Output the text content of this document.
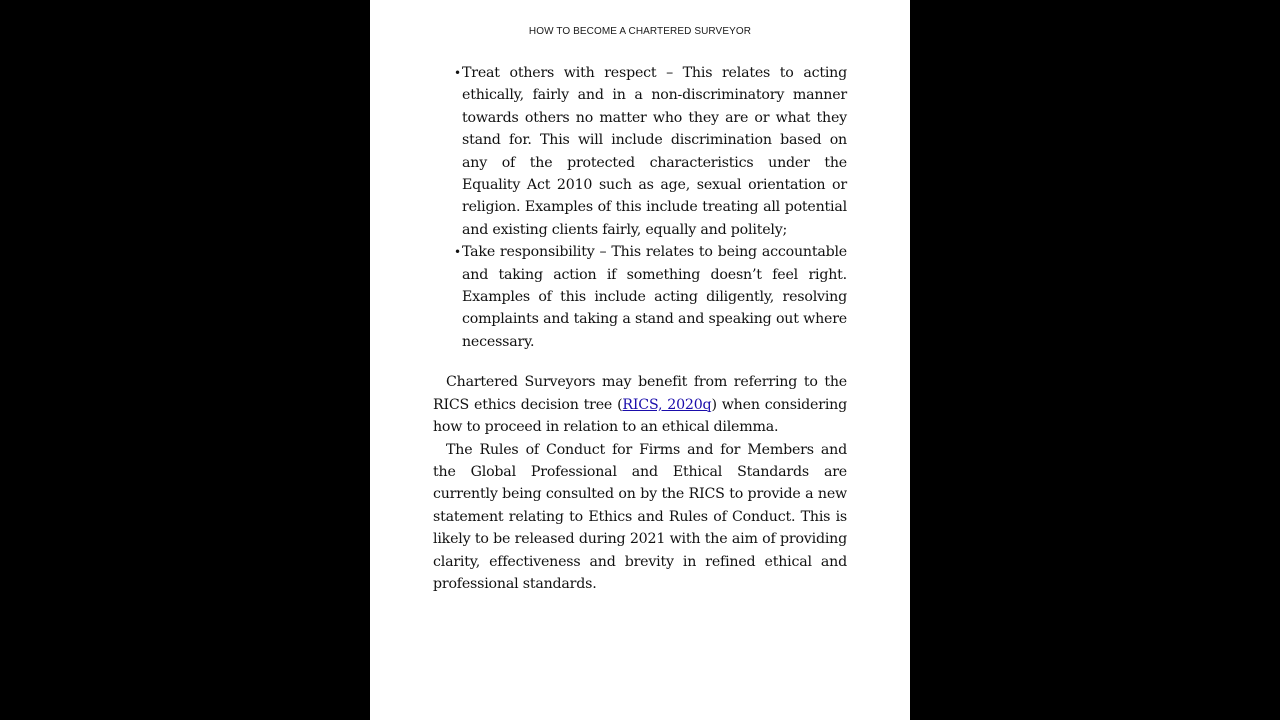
HOW TO BECOME A CHARTERED SURVEYOR
• Treat others with respect – This relates to acting ethically, fairly and in a non-discriminatory manner towards others no matter who they are or what they stand for. This will include discrimination based on any of the protected characteristics under the Equality Act 2010 such as age, sexual orientation or religion. Examples of this include treating all potential and existing clients fairly, equally and politely;
• Take responsibility – This relates to being accountable and taking action if something doesn’t feel right. Examples of this include acting diligently, resolving complaints and taking a stand and speaking out where necessary.

Chartered Surveyors may benefit from referring to the RICS ethics decision tree (RICS, 2020q) when considering how to proceed in relation to an ethical dilemma.

The Rules of Conduct for Firms and for Members and the Global Professional and Ethical Standards are currently being consulted on by the RICS to provide a new statement relating to Ethics and Rules of Conduct. This is likely to be released during 2021 with the aim of providing clarity, effectiveness and brevity in refined ethical and professional standards.
